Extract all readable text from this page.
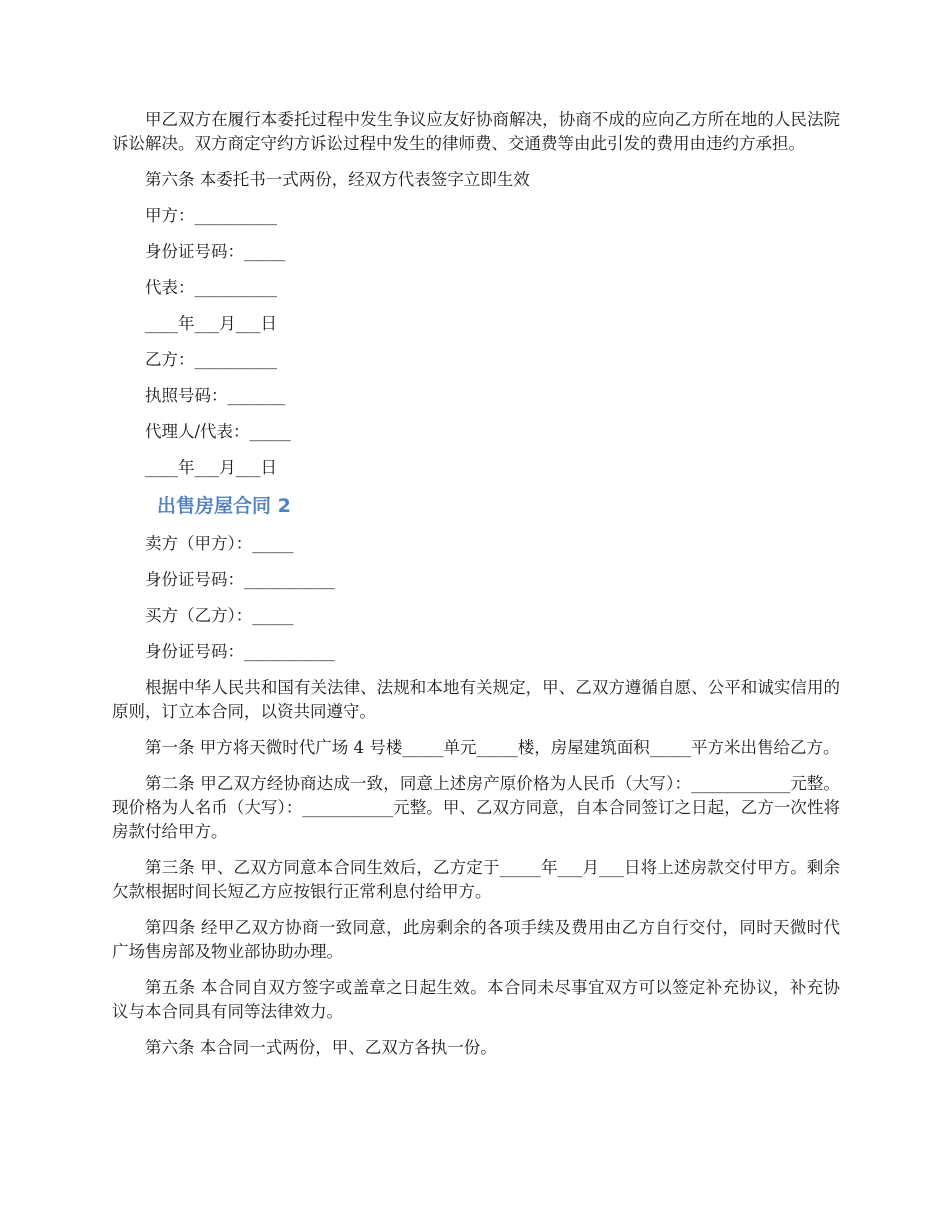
甲乙双方在履行本委托过程中发生争议应友好协商解决，协商不成的应向乙方所在地的人民法院诉讼解决。双方商定守约方诉讼过程中发生的律师费、交通费等由此引发的费用由违约方承担。

第六条 本委托书一式两份，经双方代表签字立即生效

甲方：__________

身份证号码：_____

代表：__________

____年___月___日

乙方：__________

执照号码：_______

代理人/代表：_____

____年___月___日

出售房屋合同 2

卖方（甲方）：_____

身份证号码：___________

买方（乙方）：_____

身份证号码：___________

根据中华人民共和国有关法律、法规和本地有关规定，甲、乙双方遵循自愿、公平和诚实信用的原则，订立本合同，以资共同遵守。

第一条 甲方将天微时代广场 4 号楼_____单元_____楼，房屋建筑面积_____平方米出售给乙方。

第二条 甲乙双方经协商达成一致，同意上述房产原价格为人民币（大写）：____________元整。现价格为人名币（大写）：___________元整。甲、乙双方同意，自本合同签订之日起，乙方一次性将房款付给甲方。

第三条 甲、乙双方同意本合同生效后，乙方定于_____年___月___日将上述房款交付甲方。剩余欠款根据时间长短乙方应按银行正常利息付给甲方。

第四条 经甲乙双方协商一致同意，此房剩余的各项手续及费用由乙方自行交付，同时天微时代广场售房部及物业部协助办理。

第五条 本合同自双方签字或盖章之日起生效。本合同未尽事宜双方可以签定补充协议，补充协议与本合同具有同等法律效力。

第六条 本合同一式两份，甲、乙双方各执一份。
